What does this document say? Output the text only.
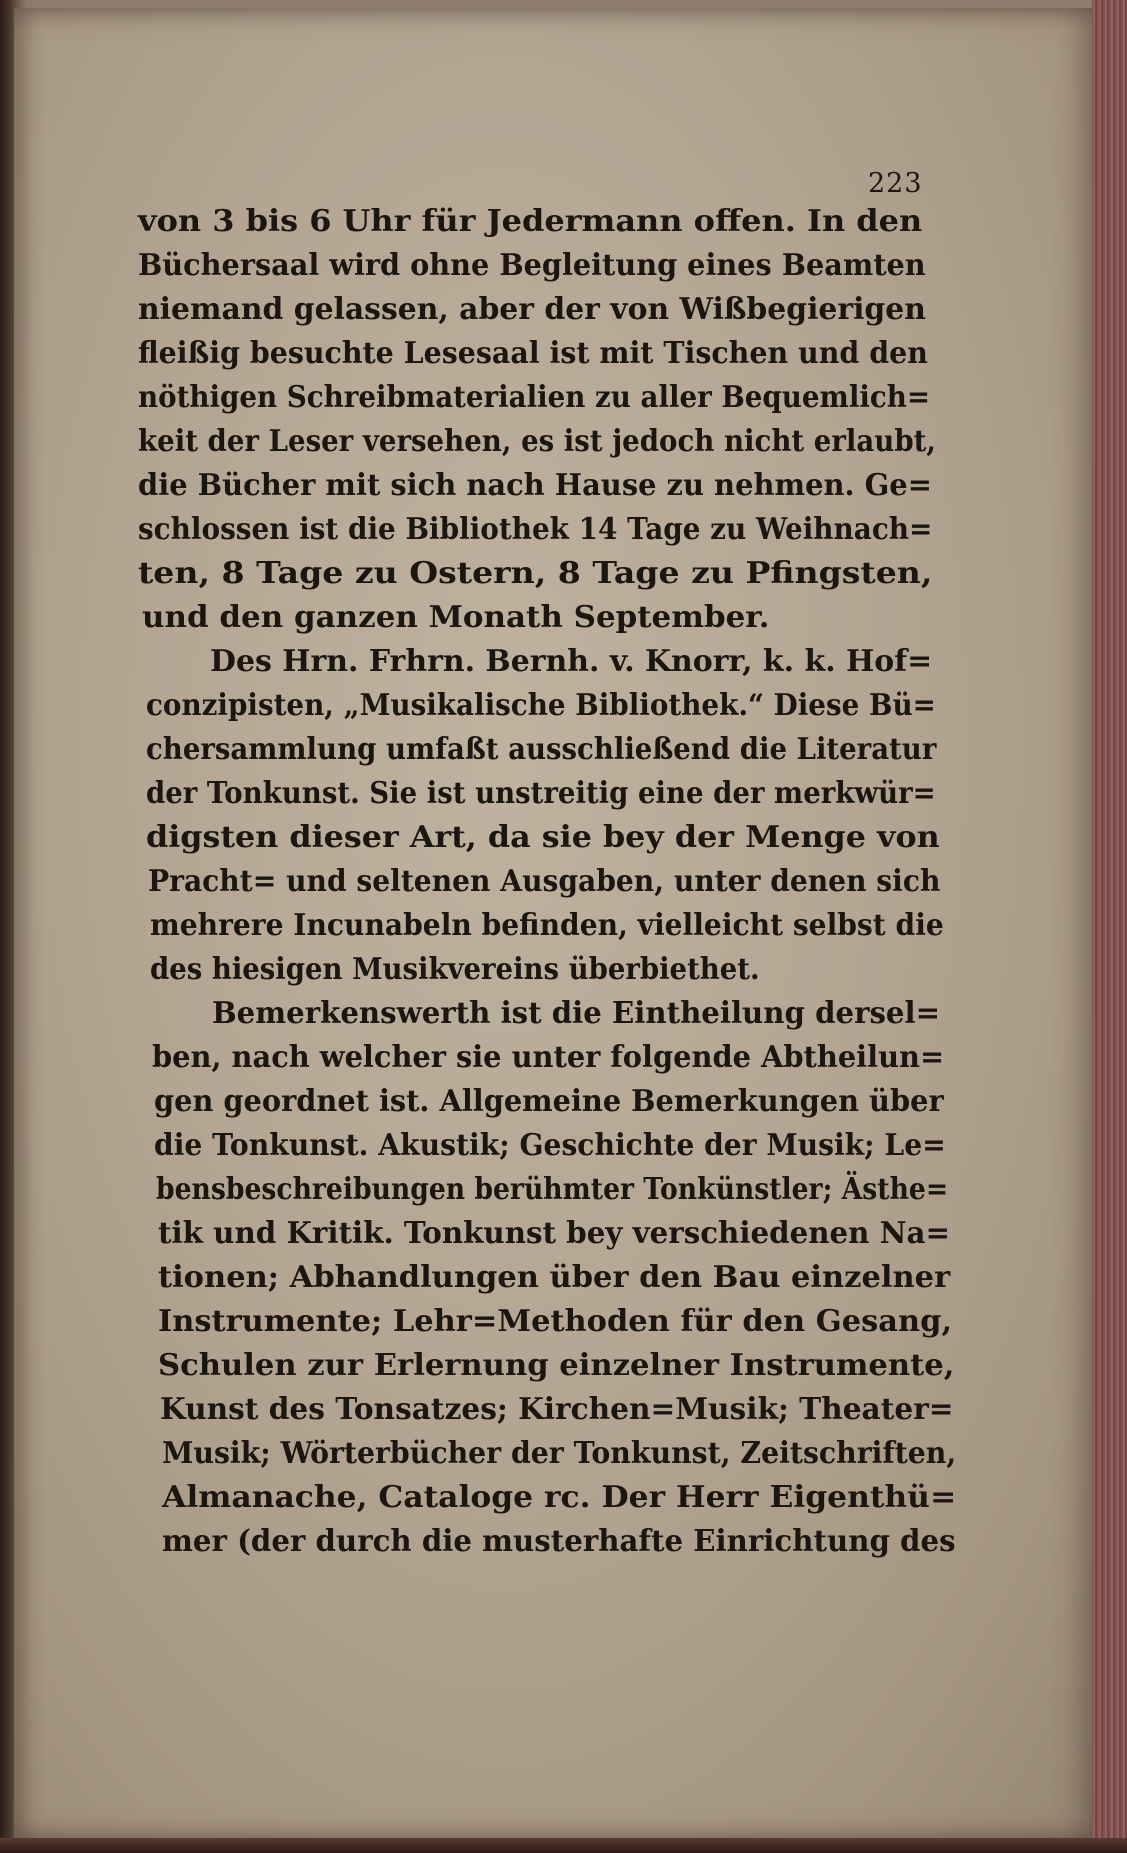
223
von 3 bis 6 Uhr für Jedermann offen. In den
Büchersaal wird ohne Begleitung eines Beamten
niemand gelassen, aber der von Wißbegierigen
fleißig besuchte Lesesaal ist mit Tischen und den
nöthigen Schreibmaterialien zu aller Bequemlich=
keit der Leser versehen, es ist jedoch nicht erlaubt,
die Bücher mit sich nach Hause zu nehmen. Ge=
schlossen ist die Bibliothek 14 Tage zu Weihnach=
ten, 8 Tage zu Ostern, 8 Tage zu Pfingsten,
und den ganzen Monath September.
Des Hrn. Frhrn. Bernh. v. Knorr, k. k. Hof=
conzipisten, „Musikalische Bibliothek.“ Diese Bü=
chersammlung umfaßt ausschließend die Literatur
der Tonkunst. Sie ist unstreitig eine der merkwür=
digsten dieser Art, da sie bey der Menge von
Pracht= und seltenen Ausgaben, unter denen sich
mehrere Incunabeln befinden, vielleicht selbst die
des hiesigen Musikvereins überbiethet.
Bemerkenswerth ist die Eintheilung dersel=
ben, nach welcher sie unter folgende Abtheilun=
gen geordnet ist. Allgemeine Bemerkungen über
die Tonkunst. Akustik; Geschichte der Musik; Le=
bensbeschreibungen berühmter Tonkünstler; Ästhe=
tik und Kritik. Tonkunst bey verschiedenen Na=
tionen; Abhandlungen über den Bau einzelner
Instrumente; Lehr=Methoden für den Gesang,
Schulen zur Erlernung einzelner Instrumente,
Kunst des Tonsatzes; Kirchen=Musik; Theater=
Musik; Wörterbücher der Tonkunst, Zeitschriften,
Almanache, Cataloge rc. Der Herr Eigenthü=
mer (der durch die musterhafte Einrichtung des
